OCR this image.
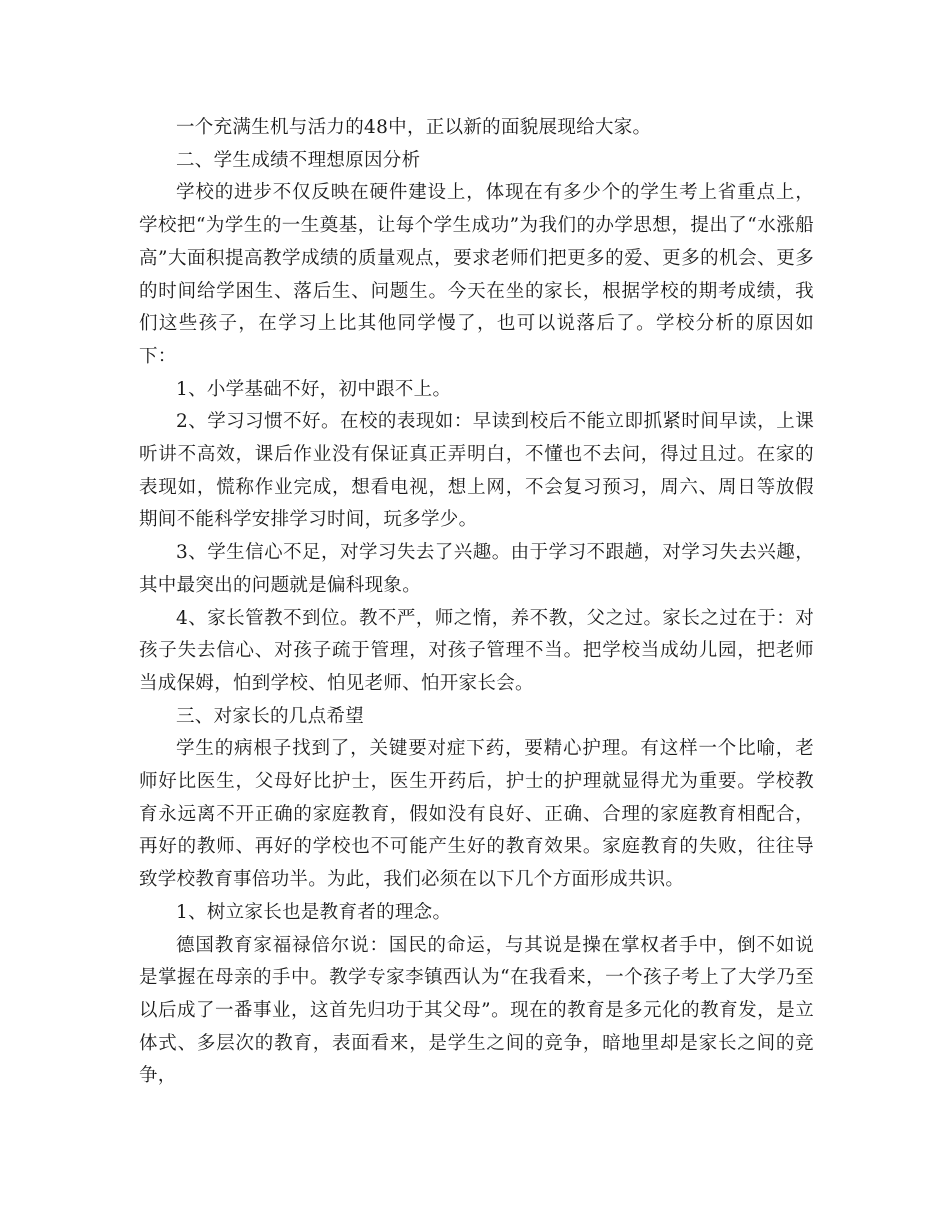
一个充满生机与活力的48中，正以新的面貌展现给大家。

二、学生成绩不理想原因分析

学校的进步不仅反映在硬件建设上，体现在有多少个的学生考上省重点上，学校把“为学生的一生奠基，让每个学生成功”为我们的办学思想，提出了“水涨船高”大面积提高教学成绩的质量观点，要求老师们把更多的爱、更多的机会、更多的时间给学困生、落后生、问题生。今天在坐的家长，根据学校的期考成绩，我们这些孩子，在学习上比其他同学慢了，也可以说落后了。学校分析的原因如下：

1、小学基础不好，初中跟不上。

2、学习习惯不好。在校的表现如：早读到校后不能立即抓紧时间早读，上课听讲不高效，课后作业没有保证真正弄明白，不懂也不去问，得过且过。在家的表现如，慌称作业完成，想看电视，想上网，不会复习预习，周六、周日等放假期间不能科学安排学习时间，玩多学少。

3、学生信心不足，对学习失去了兴趣。由于学习不跟趟，对学习失去兴趣，其中最突出的问题就是偏科现象。

4、家长管教不到位。教不严，师之惰，养不教，父之过。家长之过在于：对孩子失去信心、对孩子疏于管理，对孩子管理不当。把学校当成幼儿园，把老师当成保姆，怕到学校、怕见老师、怕开家长会。

三、对家长的几点希望

学生的病根子找到了，关键要对症下药，要精心护理。有这样一个比喻，老师好比医生，父母好比护士，医生开药后，护士的护理就显得尤为重要。学校教育永远离不开正确的家庭教育，假如没有良好、正确、合理的家庭教育相配合，再好的教师、再好的学校也不可能产生好的教育效果。家庭教育的失败，往往导致学校教育事倍功半。为此，我们必须在以下几个方面形成共识。

1、树立家长也是教育者的理念。

德国教育家福禄倍尔说：国民的命运，与其说是操在掌权者手中，倒不如说是掌握在母亲的手中。教学专家李镇西认为“在我看来，一个孩子考上了大学乃至以后成了一番事业，这首先归功于其父母”。现在的教育是多元化的教育发，是立体式、多层次的教育，表面看来，是学生之间的竞争，暗地里却是家长之间的竞争，
